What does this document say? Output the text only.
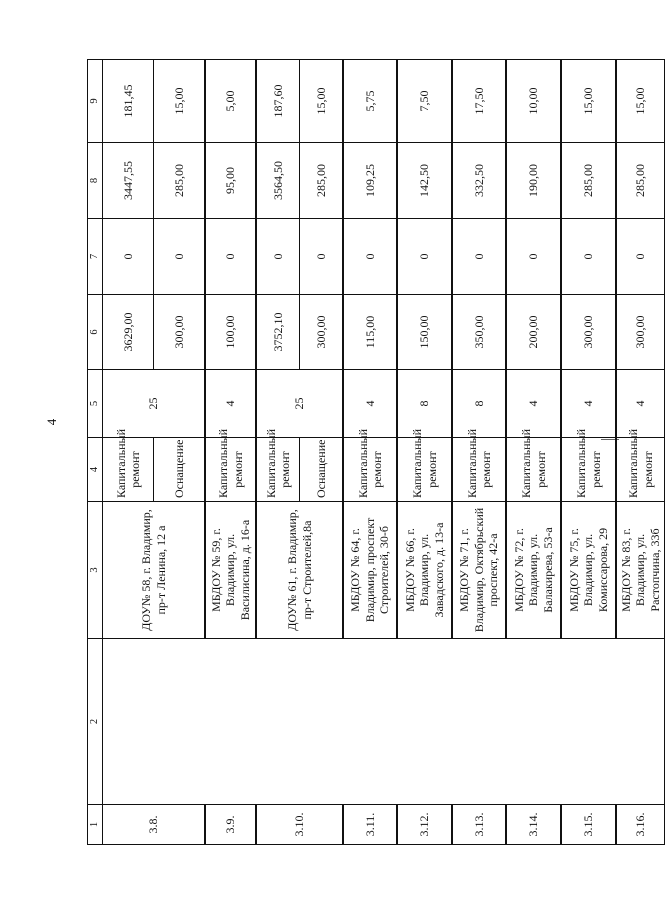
4
1	2	3	4	5	6	7	8	9
3.8.		ДОУ№ 58, г. Владимир, пр-т Ленина, 12 а	Капитальный ремонт	25	3629,00	0	3447,55	181,45
			Оснащение		300,00	0	285,00	15,00

3.9.		МБДОУ № 59, г. Владимир, ул. Василисина, д. 16-а	Капитальный ремонт	4	100,00	0	95,00	5,00

3.10.		ДОУ№ 61, г. Владимир, пр-т Строителей,8а	Капитальный ремонт	25	3752,10	0	3564,50	187,60
			Оснащение		300,00	0	285,00	15,00

3.11.		МБДОУ № 64, г. Владимир, проспект Строителей, 30-б	Капитальный ремонт	4	115,00	0	109,25	5,75

3.12.		МБДОУ № 66, г. Владимир, ул. Завадского, д. 13-а	Капитальный ремонт	8	150,00	0	142,50	7,50

3.13.		МБДОУ № 71, г. Владимир, Октябрьский проспект, 42-а	Капитальный ремонт	8	350,00	0	332,50	17,50

3.14.		МБДОУ № 72, г. Владимир, ул. Балакирева, 53-а	Капитальный ремонт	4	200,00	0	190,00	10,00

3.15.		МБДОУ № 75, г. Владимир, ул. Комиссарова, 29	Капитальный ремонт	4	300,00	0	285,00	15,00

3.16.		МБДОУ № 83, г. Владимир, ул. Растопчина, 33б	Капитальный ремонт	4	300,00	0	285,00	15,00
